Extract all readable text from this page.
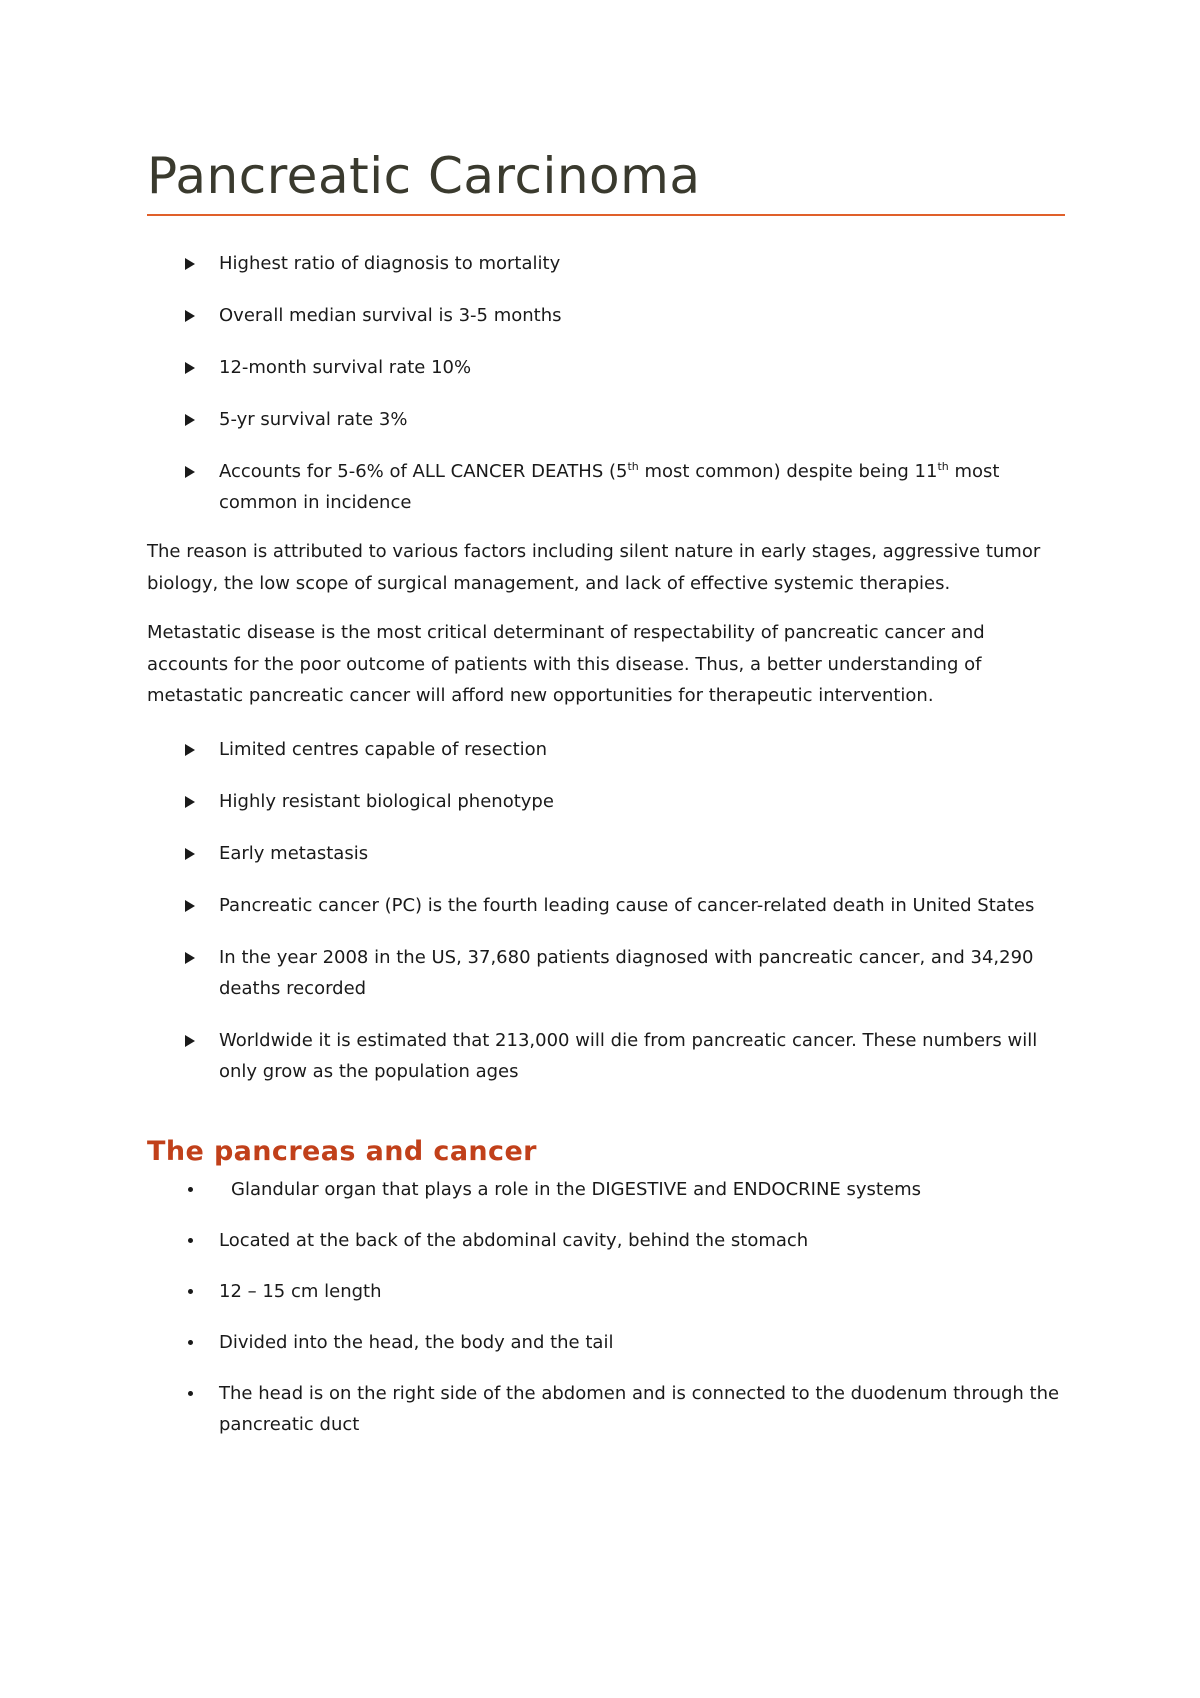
Pancreatic Carcinoma
Highest ratio of diagnosis to mortality
Overall median survival is 3-5 months
12-month survival rate 10%
5-yr survival rate 3%
Accounts for 5-6% of ALL CANCER DEATHS (5th most common) despite being 11th most common in incidence

The reason is attributed to various factors including silent nature in early stages, aggressive tumor biology, the low scope of surgical management, and lack of effective systemic therapies.

Metastatic disease is the most critical determinant of respectability of pancreatic cancer and accounts for the poor outcome of patients with this disease. Thus, a better understanding of metastatic pancreatic cancer will afford new opportunities for therapeutic intervention.

Limited centres capable of resection
Highly resistant biological phenotype
Early metastasis
Pancreatic cancer (PC) is the fourth leading cause of cancer-related death in United States
In the year 2008 in the US, 37,680 patients diagnosed with pancreatic cancer, and 34,290 deaths recorded
Worldwide it is estimated that 213,000 will die from pancreatic cancer. These numbers will only grow as the population ages
The pancreas and cancer
Glandular organ that plays a role in the DIGESTIVE and ENDOCRINE systems
Located at the back of the abdominal cavity, behind the stomach
12 – 15 cm length
Divided into the head, the body and the tail
The head is on the right side of the abdomen and is connected to the duodenum through the pancreatic duct
